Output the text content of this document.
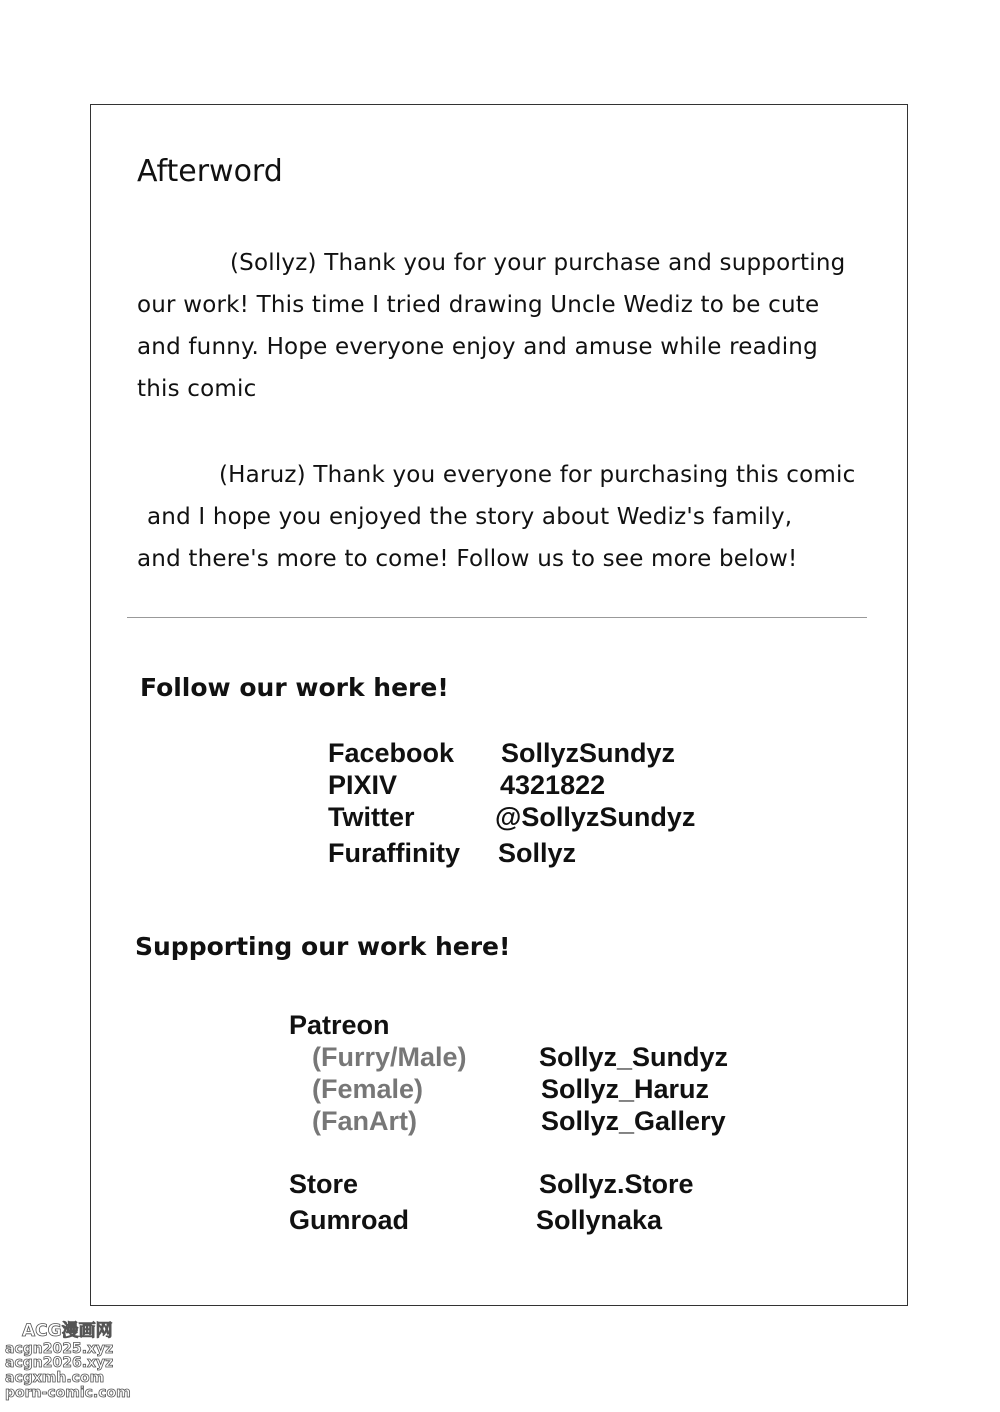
Afterword
(Sollyz) Thank you for your purchase and supporting
our work! This time I tried drawing Uncle Wediz to be cute
and funny. Hope everyone enjoy and amuse while reading
this comic
(Haruz) Thank you everyone for purchasing this comic
and I hope you enjoyed the story about Wediz's family,
and there's more to come! Follow us to see more below!
Follow our work here!
Facebook SollyzSundyz
PIXIV	4321822
Twitter	@SollyzSundyz
Furaffinity Sollyz
Supporting our work here!
Patreon
(Furry/Male)	Sollyz_Sundyz
(Female)	Sollyz_Haruz
(FanArt)	Sollyz_Gallery
Store	Sollyz.Store
Gumroad	Sollynaka
ACG漫画网
acgn2025.xyz
acgn2026.xyz
acgxmh.com
porn-comic.com
